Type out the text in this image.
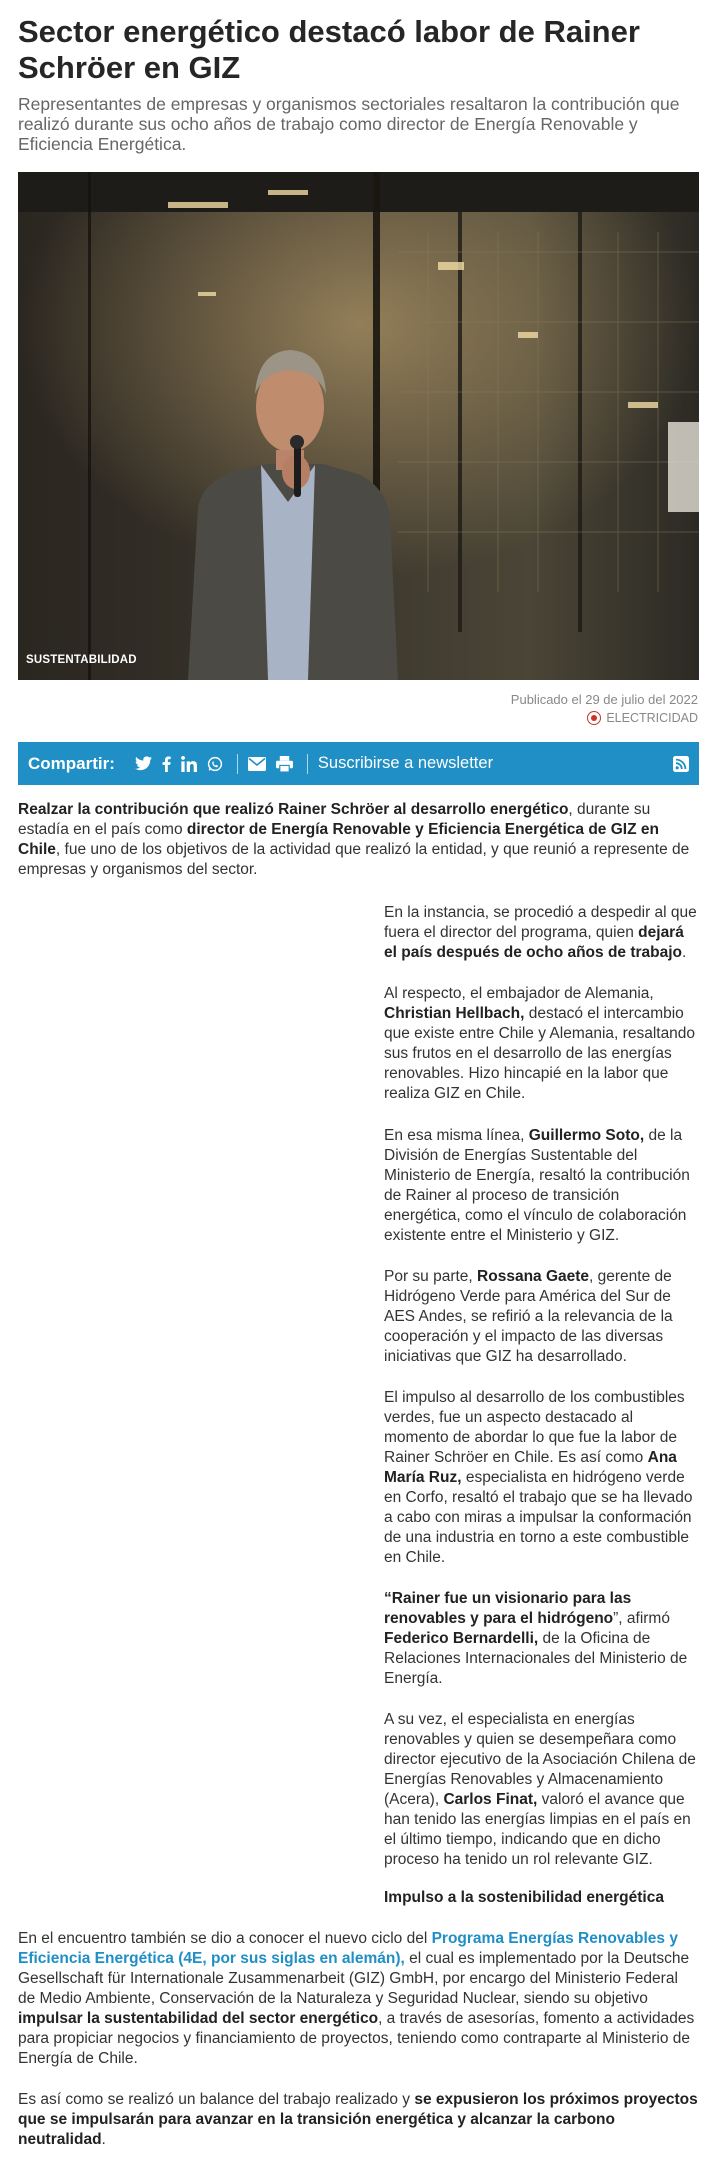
Sector energético destacó labor de Rainer Schröer en GIZ

Representantes de empresas y organismos sectoriales resaltaron la contribución que realizó durante sus ocho años de trabajo como director de Energía Renovable y Eficiencia Energética.

SUSTENTABILIDAD
Publicado el 29 de julio del 2022
ELECTRICIDAD
Compartir:	Suscribirse a newsletter

Realzar la contribución que realizó Rainer Schröer al desarrollo energético, durante su estadía en el país como director de Energía Renovable y Eficiencia Energética de GIZ en Chile, fue uno de los objetivos de la actividad que realizó la entidad, y que reunió a represente de empresas y organismos del sector.

En la instancia, se procedió a despedir al que fuera el director del programa, quien dejará el país después de ocho años de trabajo.

Al respecto, el embajador de Alemania, Christian Hellbach, destacó el intercambio que existe entre Chile y Alemania, resaltando sus frutos en el desarrollo de las energías renovables. Hizo hincapié en la labor que realiza GIZ en Chile.

En esa misma línea, Guillermo Soto, de la División de Energías Sustentable del Ministerio de Energía, resaltó la contribución de Rainer al proceso de transición energética, como el vínculo de colaboración existente entre el Ministerio y GIZ.

Por su parte, Rossana Gaete, gerente de Hidrógeno Verde para América del Sur de AES Andes, se refirió a la relevancia de la cooperación y el impacto de las diversas iniciativas que GIZ ha desarrollado.

El impulso al desarrollo de los combustibles verdes, fue un aspecto destacado al momento de abordar lo que fue la labor de Rainer Schröer en Chile. Es así como Ana María Ruz, especialista en hidrógeno verde en Corfo, resaltó el trabajo que se ha llevado a cabo con miras a impulsar la conformación de una industria en torno a este combustible en Chile.

“Rainer fue un visionario para las renovables y para el hidrógeno”, afirmó Federico Bernardelli, de la Oficina de Relaciones Internacionales del Ministerio de Energía.

A su vez, el especialista en energías renovables y quien se desempeñara como director ejecutivo de la Asociación Chilena de Energías Renovables y Almacenamiento (Acera), Carlos Finat, valoró el avance que han tenido las energías limpias en el país en el último tiempo, indicando que en dicho proceso ha tenido un rol relevante GIZ.

Impulso a la sostenibilidad energética

En el encuentro también se dio a conocer el nuevo ciclo del Programa Energías Renovables y Eficiencia Energética (4E, por sus siglas en alemán), el cual es implementado por la Deutsche Gesellschaft für Internationale Zusammenarbeit (GIZ) GmbH, por encargo del Ministerio Federal de Medio Ambiente, Conservación de la Naturaleza y Seguridad Nuclear, siendo su objetivo impulsar la sustentabilidad del sector energético, a través de asesorías, fomento a actividades para propiciar negocios y financiamiento de proyectos, teniendo como contraparte al Ministerio de Energía de Chile.

Es así como se realizó un balance del trabajo realizado y se expusieron los próximos proyectos que se impulsarán para avanzar en la transición energética y alcanzar la carbono neutralidad.
